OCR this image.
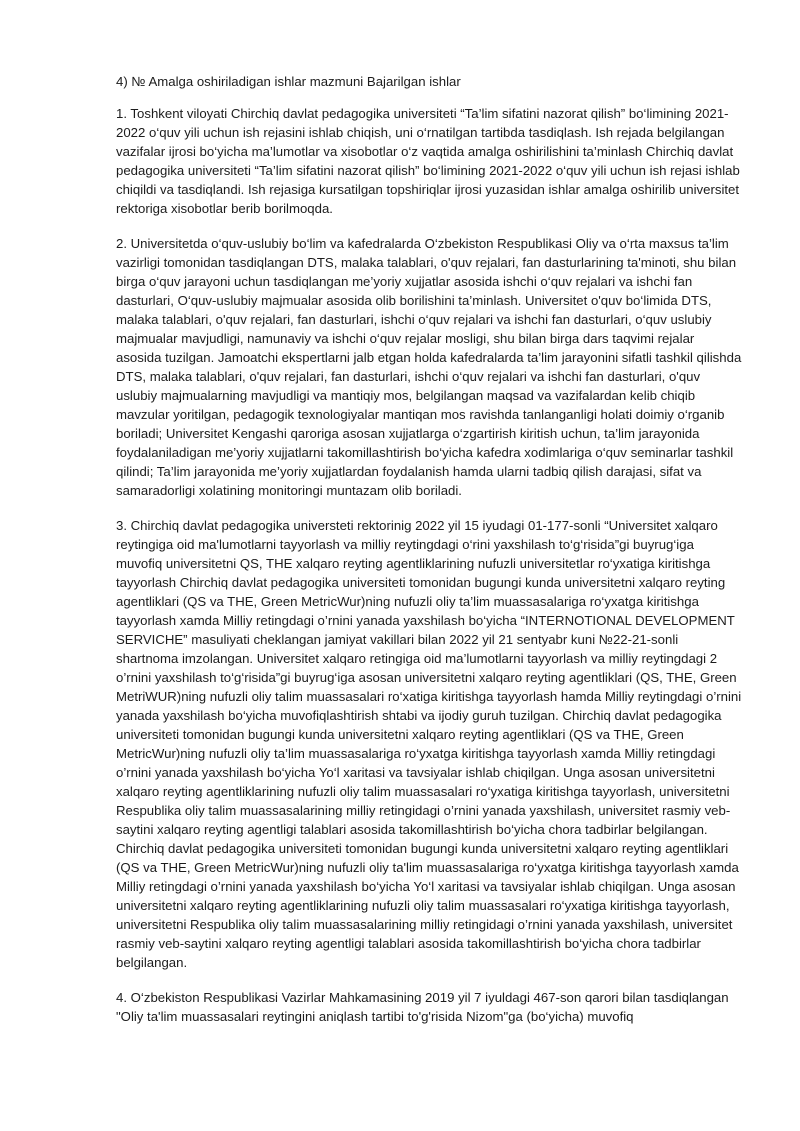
4) № Amalga oshiriladigan ishlar mazmuni Bajarilgan ishlar

1. Toshkent viloyati Chirchiq davlat pedagogika universiteti “Ta’lim sifatini nazorat qilish” bo‘limining 2021-2022 o‘quv yili uchun ish rejasini ishlab chiqish, uni o‘rnatilgan tartibda tasdiqlash. Ish rejada belgilangan vazifalar ijrosi bo‘yicha ma’lumotlar va xisobotlar o‘z vaqtida amalga oshirilishini ta’minlash Chirchiq davlat pedagogika universiteti “Ta’lim sifatini nazorat qilish” bo‘limining 2021-2022 o‘quv yili uchun ish rejasi ishlab chiqildi va tasdiqlandi. Ish rejasiga kursatilgan topshiriqlar ijrosi yuzasidan ishlar amalga oshirilib universitet rektoriga xisobotlar berib borilmoqda.

2. Universitetda o‘quv-uslubiy bo‘lim va kafedralarda O‘zbekiston Respublikasi Oliy va o‘rta maxsus ta’lim vazirligi tomonidan tasdiqlangan DTS, malaka talablari, o'quv rejalari, fan dasturlarining ta'minoti, shu bilan birga o‘quv jarayoni uchun tasdiqlangan me’yoriy xujjatlar asosida ishchi o‘quv rejalari va ishchi fan dasturlari, O‘quv-uslubiy majmualar asosida olib borilishini ta’minlash. Universitet o'quv bo‘limida DTS, malaka talablari, o'quv rejalari, fan dasturlari, ishchi o‘quv rejalari va ishchi fan dasturlari, o‘quv uslubiy majmualar mavjudligi, namunaviy va ishchi o‘quv rejalar mosligi, shu bilan birga dars taqvimi rejalar asosida tuzilgan. Jamoatchi ekspertlarni jalb etgan holda kafedralarda ta’lim jarayonini sifatli tashkil qilishda DTS, malaka talablari, o'quv rejalari, fan dasturlari, ishchi o‘quv rejalari va ishchi fan dasturlari, o'quv uslubiy majmualarning mavjudligi va mantiqiy mos, belgilangan maqsad va vazifalardan kelib chiqib mavzular yoritilgan, pedagogik texnologiyalar mantiqan mos ravishda tanlanganligi holati doimiy o‘rganib boriladi; Universitet Kengashi qaroriga asosan xujjatlarga o‘zgartirish kiritish uchun, ta’lim jarayonida foydalaniladigan me’yoriy xujjatlarni takomillashtirish bo‘yicha kafedra xodimlariga o‘quv seminarlar tashkil qilindi; Ta’lim jarayonida me’yoriy xujjatlardan foydalanish hamda ularni tadbiq qilish darajasi, sifat va samaradorligi xolatining monitoringi muntazam olib boriladi.

3. Chirchiq davlat pedagogika universteti rektorinig 2022 yil 15 iyudagi 01-177-sonli “Universitet xalqaro reytingiga oid ma'lumotlarni tayyorlash va milliy reytingdagi o‘rini yaxshilash to‘g‘risida”gi buyrug‘iga muvofiq universitetni QS, THE xalqaro reyting agentliklarining nufuzli universitetlar ro‘yxatiga kiritishga tayyorlash Chirchiq davlat pedagogika universiteti tomonidan bugungi kunda universitetni xalqaro reyting agentliklari (QS va THE, Green MetricWur)ning nufuzli oliy ta’lim muassasalariga ro‘yxatga kiritishga tayyorlash xamda Milliy retingdagi o’rnini yanada yaxshilash bo‘yicha “INTERNOTIONAL DEVELOPMENT SERVICHE” masuliyati cheklangan jamiyat vakillari bilan 2022 yil 21 sentyabr kuni №22-21-sonli shartnoma imzolangan. Universitet xalqaro retingiga oid ma’lumotlarni tayyorlash va milliy reytingdagi 2 o’rnini yaxshilash to‘g‘risida”gi buyrug‘iga asosan universitetni xalqaro reyting agentliklari (QS, THE, Green MetriWUR)ning nufuzli oliy talim muassasalari ro‘xatiga kiritishga tayyorlash hamda Milliy reytingdagi o’rnini yanada yaxshilash bo‘yicha muvofiqlashtirish shtabi va ijodiy guruh tuzilgan. Chirchiq davlat pedagogika universiteti tomonidan bugungi kunda universitetni xalqaro reyting agentliklari (QS va THE, Green MetricWur)ning nufuzli oliy ta’lim muassasalariga ro‘yxatga kiritishga tayyorlash xamda Milliy retingdagi o’rnini yanada yaxshilash bo‘yicha Yo‘l xaritasi va tavsiyalar ishlab chiqilgan. Unga asosan universitetni xalqaro reyting agentliklarining nufuzli oliy talim muassasalari ro‘yxatiga kiritishga tayyorlash, universitetni Respublika oliy talim muassasalarining milliy retingidagi o’rnini yanada yaxshilash, universitet rasmiy veb-saytini xalqaro reyting agentligi talablari asosida takomillashtirish bo‘yicha chora tadbirlar belgilangan. Chirchiq davlat pedagogika universiteti tomonidan bugungi kunda universitetni xalqaro reyting agentliklari (QS va THE, Green MetricWur)ning nufuzli oliy ta'lim muassasalariga ro‘yxatga kiritishga tayyorlash xamda Milliy retingdagi o’rnini yanada yaxshilash bo‘yicha Yo‘l xaritasi va tavsiyalar ishlab chiqilgan. Unga asosan universitetni xalqaro reyting agentliklarining nufuzli oliy talim muassasalari ro‘yxatiga kiritishga tayyorlash, universitetni Respublika oliy talim muassasalarining milliy retingidagi o’rnini yanada yaxshilash, universitet rasmiy veb-saytini xalqaro reyting agentligi talablari asosida takomillashtirish bo‘yicha chora tadbirlar belgilangan.

4. O‘zbekiston Respublikasi Vazirlar Mahkamasining 2019 yil 7 iyuldagi 467-son qarori bilan tasdiqlangan "Oliy ta'lim muassasalari reytingini aniqlash tartibi to'g'risida Nizom"ga (bo‘yicha) muvofiq
